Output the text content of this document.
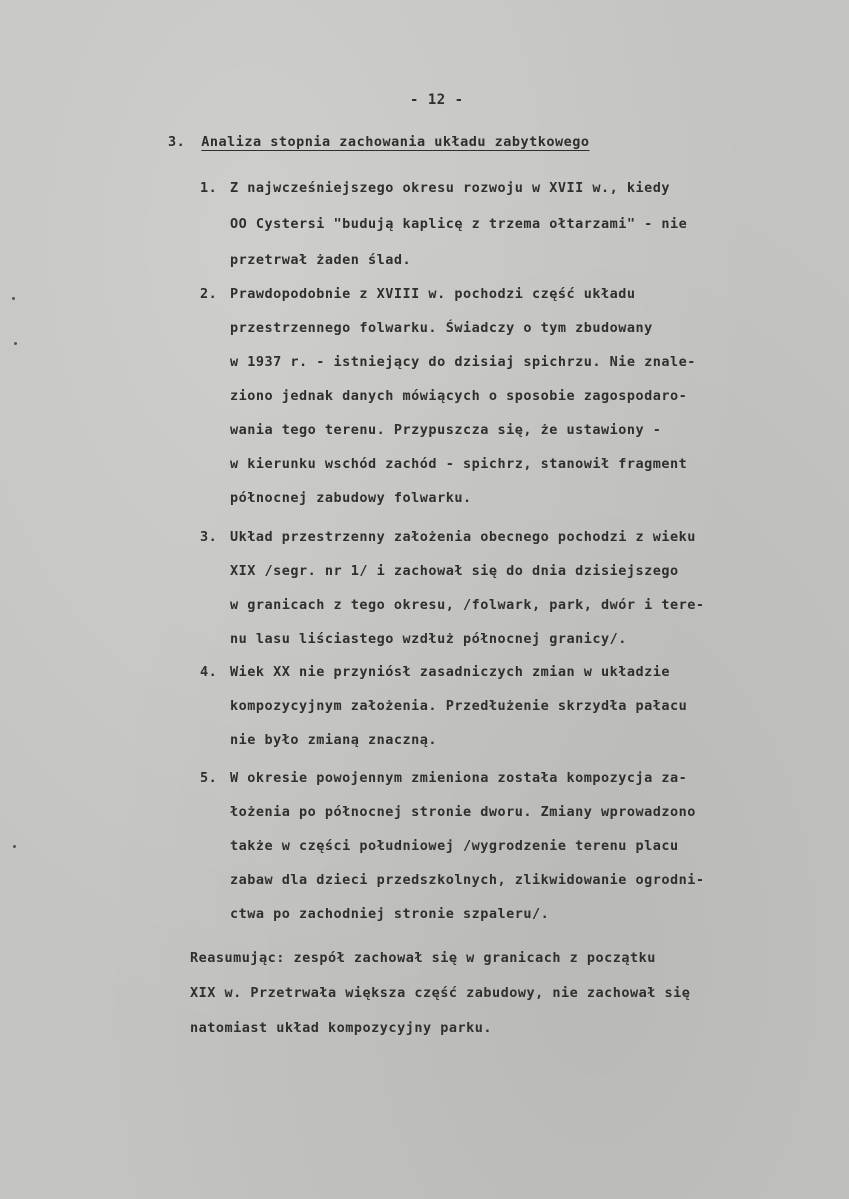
- 12 -
3. Analiza stopnia zachowania układu zabytkowego
1. Z najwcześniejszego okresu rozwoju w XVII w., kiedy
OO Cystersi "budują kaplicę z trzema ołtarzami" - nie
przetrwał żaden ślad.
2. Prawdopodobnie z XVIII w. pochodzi część układu
przestrzennego folwarku. Świadczy o tym zbudowany
w 1937 r. - istniejący do dzisiaj spichrzu. Nie znale-
ziono jednak danych mówiących o sposobie zagospodaro-
wania tego terenu. Przypuszcza się, że ustawiony -
w kierunku wschód zachód - spichrz, stanowił fragment
północnej zabudowy folwarku.
3. Układ przestrzenny założenia obecnego pochodzi z wieku
XIX /segr. nr 1/ i zachował się do dnia dzisiejszego
w granicach z tego okresu, /folwark, park, dwór i tere-
nu lasu liściastego wzdłuż północnej granicy/.
4. Wiek XX nie przyniósł zasadniczych zmian w układzie
kompozycyjnym założenia. Przedłużenie skrzydła pałacu
nie było zmianą znaczną.
5. W okresie powojennym zmieniona została kompozycja za-
łożenia po północnej stronie dworu. Zmiany wprowadzono
także w części południowej /wygrodzenie terenu placu
zabaw dla dzieci przedszkolnych, zlikwidowanie ogrodni-
ctwa po zachodniej stronie szpaleru/.
Reasumując: zespół zachował się w granicach z początku
XIX w. Przetrwała większa część zabudowy, nie zachował się
natomiast układ kompozycyjny parku.
